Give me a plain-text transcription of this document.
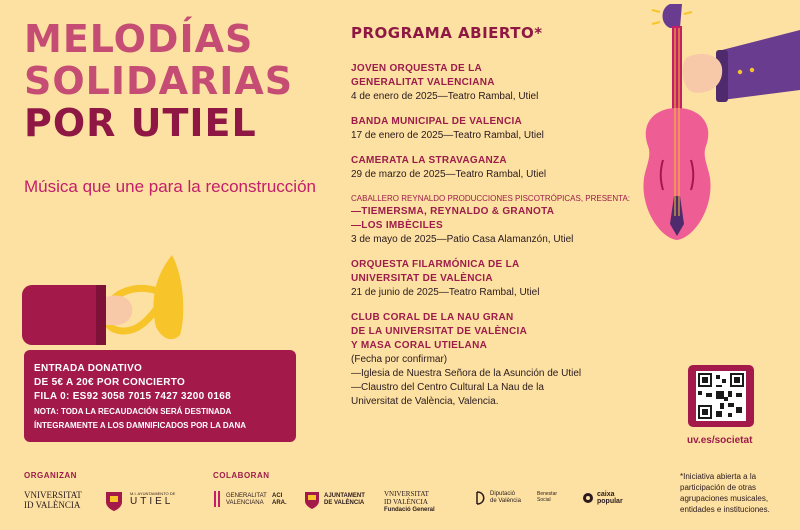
MELODÍAS
SOLIDARIAS
POR UTIEL

Música que une para la reconstrucción

ENTRADA DONATIVO
DE 5€ A 20€ POR CONCIERTO
FILA 0: ES92 3058 7015 7427 3200 0168
NOTA: TODA LA RECAUDACIÓN SERÁ DESTINADA
ÍNTEGRAMENTE A LOS DAMNIFICADOS POR LA DANA
PROGRAMA ABIERTO*
JOVEN ORQUESTA DE LA
GENERALITAT VALENCIANA
4 de enero de 2025—Teatro Rambal, Utiel
BANDA MUNICIPAL DE VALENCIA
17 de enero de 2025—Teatro Rambal, Utiel
CAMERATA LA STRAVAGANZA
29 de marzo de 2025—Teatro Rambal, Utiel
CABALLERO REYNALDO PRODUCCIONES PISCOTRÓPICAS, PRESENTA:
—TIEMERSMA, REYNALDO & GRANOTA
—LOS IMBÈCILES
3 de mayo de 2025—Patio Casa Alamanzón, Utiel
ORQUESTA FILARMÓNICA DE LA
UNIVERSITAT DE VALÈNCIA
21 de junio de 2025—Teatro Rambal, Utiel
CLUB CORAL DE LA NAU GRAN
DE LA UNIVERSITAT DE VALÈNCIA
Y MASA CORAL UTIELANA
(Fecha por confirmar)
—Iglesia de Nuestra Señora de la Asunción de Utiel
—Claustro del Centro Cultural La Nau de la
Universitat de València, Valencia.
uv.es/societat
ORGANIZAN	COLABORAN
VNIVERSITAT
ID VALÈNCIA
M.I. AYUNTAMIENTO DE
UTIEL	GENERALITAT
VALENCIANA
ACI
ARA.
AJUNTAMENT
DE VALÈNCIA
VNIVERSITAT
ID VALÈNCIA
Fundació General
Diputació
de València
Benestar
Social
caixa
popular
*Iniciativa abierta a la participación de otras agrupaciones musicales, entidades e instituciones.
